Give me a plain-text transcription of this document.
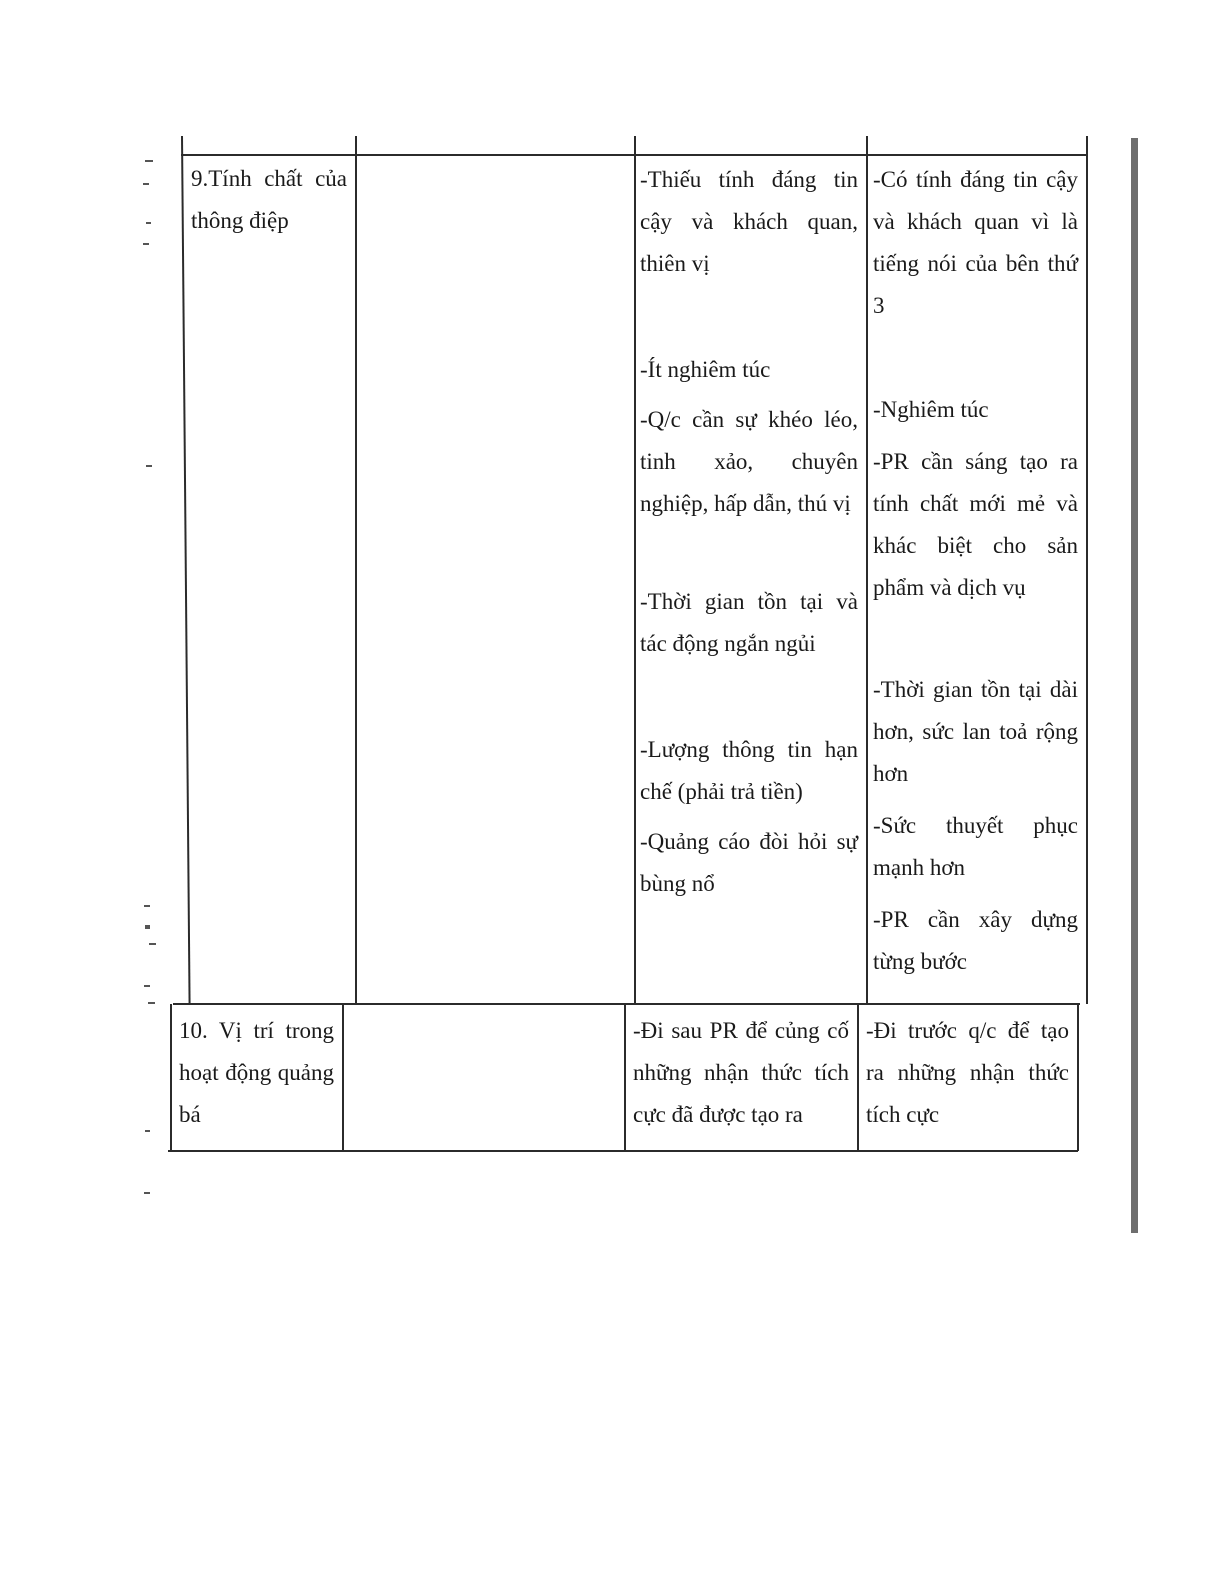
9.Tính chất của thông điệp

-Thiếu tính đáng tin cậy và khách quan, thiên vị

-Ít nghiêm túc

-Q/c cần sự khéo léo, tinh xảo, chuyên nghiệp, hấp dẫn, thú vị

-Thời gian tồn tại và tác động ngắn ngủi

-Lượng thông tin hạn chế (phải trả tiền)

-Quảng cáo đòi hỏi sự bùng nổ

-Có tính đáng tin cậy và khách quan vì là tiếng nói của bên thứ 3

-Nghiêm túc

-PR cần sáng tạo ra tính chất mới mẻ và khác biệt cho sản phẩm và dịch vụ

-Thời gian tồn tại dài hơn, sức lan toả rộng hơn

-Sức thuyết phục mạnh hơn

-PR cần xây dựng từng bước

10. Vị trí trong hoạt động quảng bá

-Đi sau PR để củng cố những nhận thức tích cực đã được tạo ra

-Đi trước q/c để tạo ra những nhận thức tích cực
